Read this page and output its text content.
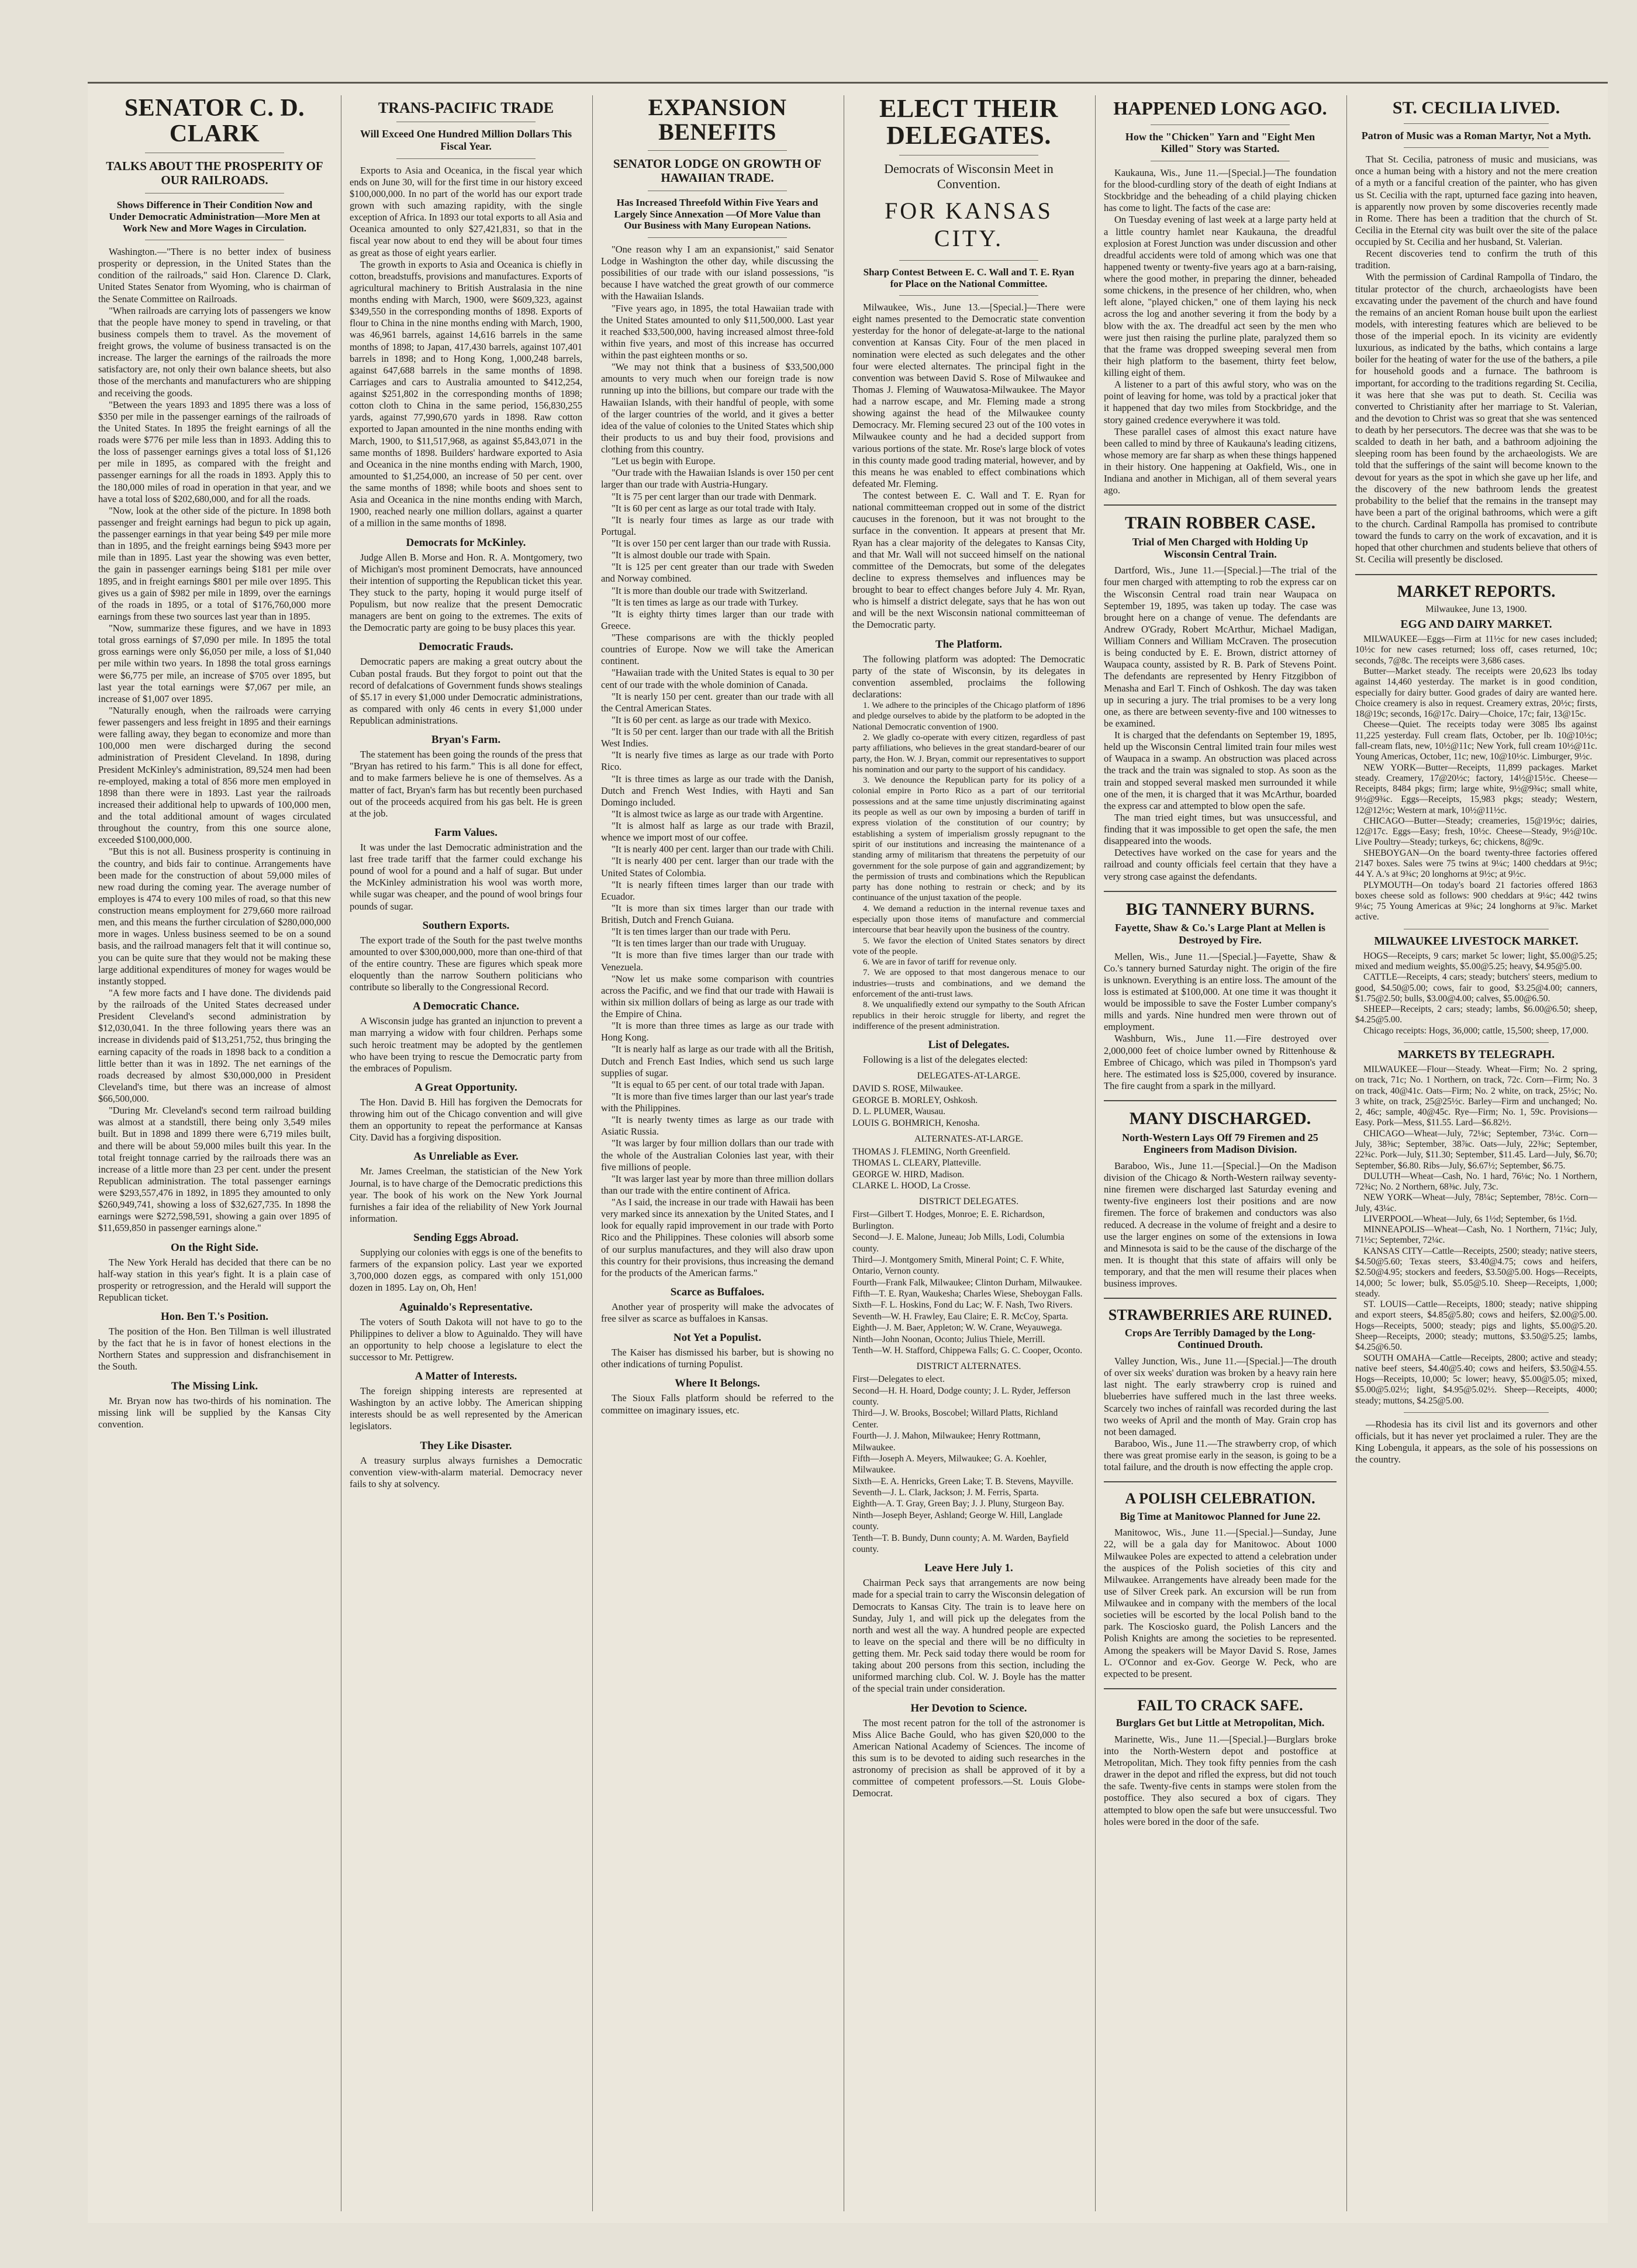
SENATOR C. D. CLARK
TALKS ABOUT THE PROSPERITY OF OUR RAILROADS.
Shows Difference in Their Condition Now and Under Democratic Administration—More Men at Work New and More Wages in Circulation.

Washington.—"There is no better index of business prosperity or depression, in the United States than the condition of the railroads," said Hon. Clarence D. Clark, United States Senator from Wyoming, who is chairman of the Senate Committee on Railroads.

"When railroads are carrying lots of passengers we know that the people have money to spend in traveling, or that business compels them to travel. As the movement of freight grows, the volume of business transacted is on the increase. The larger the earnings of the railroads the more satisfactory are, not only their own balance sheets, but also those of the merchants and manufacturers who are shipping and receiving the goods.

"Between the years 1893 and 1895 there was a loss of $350 per mile in the passenger earnings of the railroads of the United States. In 1895 the freight earnings of all the roads were $776 per mile less than in 1893. Adding this to the loss of passenger earnings gives a total loss of $1,126 per mile in 1895, as compared with the freight and passenger earnings for all the roads in 1893. Apply this to the 180,000 miles of road in operation in that year, and we have a total loss of $202,680,000, and for all the roads.

"Now, look at the other side of the picture. In 1898 both passenger and freight earnings had begun to pick up again, the passenger earnings in that year being $49 per mile more than in 1895, and the freight earnings being $943 more per mile than in 1895. Last year the showing was even better, the gain in passenger earnings being $181 per mile over 1895, and in freight earnings $801 per mile over 1895. This gives us a gain of $982 per mile in 1899, over the earnings of the roads in 1895, or a total of $176,760,000 more earnings from these two sources last year than in 1895.

"Now, summarize these figures, and we have in 1893 total gross earnings of $7,090 per mile. In 1895 the total gross earnings were only $6,050 per mile, a loss of $1,040 per mile within two years. In 1898 the total gross earnings were $6,775 per mile, an increase of $705 over 1895, but last year the total earnings were $7,067 per mile, an increase of $1,007 over 1895.

"Naturally enough, when the railroads were carrying fewer passengers and less freight in 1895 and their earnings were falling away, they began to economize and more than 100,000 men were discharged during the second administration of President Cleveland. In 1898, during President McKinley's administration, 89,524 men had been re-employed, making a total of 856 more men employed in 1898 than there were in 1893. Last year the railroads increased their additional help to upwards of 100,000 men, and the total additional amount of wages circulated throughout the country, from this one source alone, exceeded $100,000,000.

"But this is not all. Business prosperity is continuing in the country, and bids fair to continue. Arrangements have been made for the construction of about 59,000 miles of new road during the coming year. The average number of employes is 474 to every 100 miles of road, so that this new construction means employment for 279,660 more railroad men, and this means the further circulation of $280,000,000 more in wages. Unless business seemed to be on a sound basis, and the railroad managers felt that it will continue so, you can be quite sure that they would not be making these large additional expenditures of money for wages would be instantly stopped.

"A few more facts and I have done. The dividends paid by the railroads of the United States decreased under President Cleveland's second administration by $12,030,041. In the three following years there was an increase in dividends paid of $13,251,752, thus bringing the earning capacity of the roads in 1898 back to a condition a little better than it was in 1892. The net earnings of the roads decreased by almost $30,000,000 in President Cleveland's time, but there was an increase of almost $66,500,000.

"During Mr. Cleveland's second term railroad building was almost at a standstill, there being only 3,549 miles built. But in 1898 and 1899 there were 6,719 miles built, and there will be about 59,000 miles built this year. In the total freight tonnage carried by the railroads there was an increase of a little more than 23 per cent. under the present Republican administration. The total passenger earnings were $293,557,476 in 1892, in 1895 they amounted to only $260,949,741, showing a loss of $32,627,735. In 1898 the earnings were $272,598,591, showing a gain over 1895 of $11,659,850 in passenger earnings alone."

On the Right Side.

The New York Herald has decided that there can be no half-way station in this year's fight. It is a plain case of prosperity or retrogression, and the Herald will support the Republican ticket.

Hon. Ben T.'s Position.

The position of the Hon. Ben Tillman is well illustrated by the fact that he is in favor of honest elections in the Northern States and suppression and disfranchisement in the South.

The Missing Link.

Mr. Bryan now has two-thirds of his nomination. The missing link will be supplied by the Kansas City convention.

TRANS-PACIFIC TRADE
Will Exceed One Hundred Million Dollars This Fiscal Year.

Exports to Asia and Oceanica, in the fiscal year which ends on June 30, will for the first time in our history exceed $100,000,000. In no part of the world has our export trade grown with such amazing rapidity, with the single exception of Africa. In 1893 our total exports to all Asia and Oceanica amounted to only $27,421,831, so that in the fiscal year now about to end they will be about four times as great as those of eight years earlier.

The growth in exports to Asia and Oceanica is chiefly in cotton, breadstuffs, provisions and manufactures. Exports of agricultural machinery to British Australasia in the nine months ending with March, 1900, were $609,323, against $349,550 in the corresponding months of 1898. Exports of flour to China in the nine months ending with March, 1900, was 46,961 barrels, against 14,616 barrels in the same months of 1898; to Japan, 417,430 barrels, against 107,401 barrels in 1898; and to Hong Kong, 1,000,248 barrels, against 647,688 barrels in the same months of 1898. Carriages and cars to Australia amounted to $412,254, against $251,802 in the corresponding months of 1898; cotton cloth to China in the same period, 156,830,255 yards, against 77,990,670 yards in 1898. Raw cotton exported to Japan amounted in the nine months ending with March, 1900, to $11,517,968, as against $5,843,071 in the same months of 1898. Builders' hardware exported to Asia and Oceanica in the nine months ending with March, 1900, amounted to $1,254,000, an increase of 50 per cent. over the same months of 1898; while boots and shoes sent to Asia and Oceanica in the nine months ending with March, 1900, reached nearly one million dollars, against a quarter of a million in the same months of 1898.

Democrats for McKinley.

Judge Allen B. Morse and Hon. R. A. Montgomery, two of Michigan's most prominent Democrats, have announced their intention of supporting the Republican ticket this year. They stuck to the party, hoping it would purge itself of Populism, but now realize that the present Democratic managers are bent on going to the extremes. The exits of the Democratic party are going to be busy places this year.

Democratic Frauds.

Democratic papers are making a great outcry about the Cuban postal frauds. But they forgot to point out that the record of defalcations of Government funds shows stealings of $5.17 in every $1,000 under Democratic administrations, as compared with only 46 cents in every $1,000 under Republican administrations.

Bryan's Farm.

The statement has been going the rounds of the press that "Bryan has retired to his farm." This is all done for effect, and to make farmers believe he is one of themselves. As a matter of fact, Bryan's farm has but recently been purchased out of the proceeds acquired from his gas belt. He is green at the job.

Farm Values.

It was under the last Democratic administration and the last free trade tariff that the farmer could exchange his pound of wool for a pound and a half of sugar. But under the McKinley administration his wool was worth more, while sugar was cheaper, and the pound of wool brings four pounds of sugar.

Southern Exports.

The export trade of the South for the past twelve months amounted to over $300,000,000, more than one-third of that of the entire country. These are figures which speak more eloquently than the narrow Southern politicians who contribute so liberally to the Congressional Record.

A Democratic Chance.

A Wisconsin judge has granted an injunction to prevent a man marrying a widow with four children. Perhaps some such heroic treatment may be adopted by the gentlemen who have been trying to rescue the Democratic party from the embraces of Populism.

A Great Opportunity.

The Hon. David B. Hill has forgiven the Democrats for throwing him out of the Chicago convention and will give them an opportunity to repeat the performance at Kansas City. David has a forgiving disposition.

As Unreliable as Ever.

Mr. James Creelman, the statistician of the New York Journal, is to have charge of the Democratic predictions this year. The book of his work on the New York Journal furnishes a fair idea of the reliability of New York Journal information.

Sending Eggs Abroad.

Supplying our colonies with eggs is one of the benefits to farmers of the expansion policy. Last year we exported 3,700,000 dozen eggs, as compared with only 151,000 dozen in 1895. Lay on, Oh, Hen!

Aguinaldo's Representative.

The voters of South Dakota will not have to go to the Philippines to deliver a blow to Aguinaldo. They will have an opportunity to help choose a legislature to elect the successor to Mr. Pettigrew.

A Matter of Interests.

The foreign shipping interests are represented at Washington by an active lobby. The American shipping interests should be as well represented by the American legislators.

They Like Disaster.

A treasury surplus always furnishes a Democratic convention view-with-alarm material. Democracy never fails to shy at solvency.

EXPANSION BENEFITS
SENATOR LODGE ON GROWTH OF HAWAIIAN TRADE.
Has Increased Threefold Within Five Years and Largely Since Annexation —Of More Value than Our Business with Many European Nations.

"One reason why I am an expansionist," said Senator Lodge in Washington the other day, while discussing the possibilities of our trade with our island possessions, "is because I have watched the great growth of our commerce with the Hawaiian Islands.

"Five years ago, in 1895, the total Hawaiian trade with the United States amounted to only $11,500,000. Last year it reached $33,500,000, having increased almost three-fold within five years, and most of this increase has occurred within the past eighteen months or so.

"We may not think that a business of $33,500,000 amounts to very much when our foreign trade is now running up into the billions, but compare our trade with the Hawaiian Islands, with their handful of people, with some of the larger countries of the world, and it gives a better idea of the value of colonies to the United States which ship their products to us and buy their food, provisions and clothing from this country.

"Let us begin with Europe.

"Our trade with the Hawaiian Islands is over 150 per cent larger than our trade with Austria-Hungary.

"It is 75 per cent larger than our trade with Denmark.

"It is 60 per cent as large as our total trade with Italy.

"It is nearly four times as large as our trade with Portugal.

"It is over 150 per cent larger than our trade with Russia.

"It is almost double our trade with Spain.

"It is 125 per cent greater than our trade with Sweden and Norway combined.

"It is more than double our trade with Switzerland.

"It is ten times as large as our trade with Turkey.

"It is eighty thirty times larger than our trade with Greece.

"These comparisons are with the thickly peopled countries of Europe. Now we will take the American continent.

"Hawaiian trade with the United States is equal to 30 per cent of our trade with the whole dominion of Canada.

"It is nearly 150 per cent. greater than our trade with all the Central American States.

"It is 60 per cent. as large as our trade with Mexico.

"It is 50 per cent. larger than our trade with all the British West Indies.

"It is nearly five times as large as our trade with Porto Rico.

"It is three times as large as our trade with the Danish, Dutch and French West Indies, with Hayti and San Domingo included.

"It is almost twice as large as our trade with Argentine.

"It is almost half as large as our trade with Brazil, whence we import most of our coffee.

"It is nearly 400 per cent. larger than our trade with Chili.

"It is nearly 400 per cent. larger than our trade with the United States of Colombia.

"It is nearly fifteen times larger than our trade with Ecuador.

"It is more than six times larger than our trade with British, Dutch and French Guiana.

"It is ten times larger than our trade with Peru.

"It is ten times larger than our trade with Uruguay.

"It is more than five times larger than our trade with Venezuela.

"Now let us make some comparison with countries across the Pacific, and we find that our trade with Hawaii is within six million dollars of being as large as our trade with the Empire of China.

"It is more than three times as large as our trade with Hong Kong.

"It is nearly half as large as our trade with all the British, Dutch and French East Indies, which send us such large supplies of sugar.

"It is equal to 65 per cent. of our total trade with Japan.

"It is more than five times larger than our last year's trade with the Philippines.

"It is nearly twenty times as large as our trade with Asiatic Russia.

"It was larger by four million dollars than our trade with the whole of the Australian Colonies last year, with their five millions of people.

"It was larger last year by more than three million dollars than our trade with the entire continent of Africa.

"As I said, the increase in our trade with Hawaii has been very marked since its annexation by the United States, and I look for equally rapid improvement in our trade with Porto Rico and the Philippines. These colonies will absorb some of our surplus manufactures, and they will also draw upon this country for their provisions, thus increasing the demand for the products of the American farms."

Scarce as Buffaloes.

Another year of prosperity will make the advocates of free silver as scarce as buffaloes in Kansas.

Not Yet a Populist.

The Kaiser has dismissed his barber, but is showing no other indications of turning Populist.

Where It Belongs.

The Sioux Falls platform should be referred to the committee on imaginary issues, etc.

ELECT THEIR DELEGATES.
Democrats of Wisconsin Meet in Convention.
FOR KANSAS CITY.
Sharp Contest Between E. C. Wall and T. E. Ryan for Place on the National Committee.

Milwaukee, Wis., June 13.—[Special.]—There were eight names presented to the Democratic state convention yesterday for the honor of delegate-at-large to the national convention at Kansas City. Four of the men placed in nomination were elected as such delegates and the other four were elected alternates. The principal fight in the convention was between David S. Rose of Milwaukee and Thomas J. Fleming of Wauwatosa-Milwaukee. The Mayor had a narrow escape, and Mr. Fleming made a strong showing against the head of the Milwaukee county Democracy. Mr. Fleming secured 23 out of the 100 votes in Milwaukee county and he had a decided support from various portions of the state. Mr. Rose's large block of votes in this county made good trading material, however, and by this means he was enabled to effect combinations which defeated Mr. Fleming.

The contest between E. C. Wall and T. E. Ryan for national committeeman cropped out in some of the district caucuses in the forenoon, but it was not brought to the surface in the convention. It appears at present that Mr. Ryan has a clear majority of the delegates to Kansas City, and that Mr. Wall will not succeed himself on the national committee of the Democrats, but some of the delegates decline to express themselves and influences may be brought to bear to effect changes before July 4. Mr. Ryan, who is himself a district delegate, says that he has won out and will be the next Wisconsin national committeeman of the Democratic party.

The Platform.

The following platform was adopted: The Democratic party of the state of Wisconsin, by its delegates in convention assembled, proclaims the following declarations:

1. We adhere to the principles of the Chicago platform of 1896 and pledge ourselves to abide by the platform to be adopted in the National Democratic convention of 1900.

2. We gladly co-operate with every citizen, regardless of past party affiliations, who believes in the great standard-bearer of our party, the Hon. W. J. Bryan, commit our representatives to support his nomination and our party to the support of his candidacy.

3. We denounce the Republican party for its policy of a colonial empire in Porto Rico as a part of our territorial possessions and at the same time unjustly discriminating against its people as well as our own by imposing a burden of tariff in express violation of the constitution of our country; by establishing a system of imperialism grossly repugnant to the spirit of our institutions and increasing the maintenance of a standing army of militarism that threatens the perpetuity of our government for the sole purpose of gain and aggrandizement; by the permission of trusts and combinations which the Republican party has done nothing to restrain or check; and by its continuance of the unjust taxation of the people.

4. We demand a reduction in the internal revenue taxes and especially upon those items of manufacture and commercial intercourse that bear heavily upon the business of the country.

5. We favor the election of United States senators by direct vote of the people.

6. We are in favor of tariff for revenue only.

7. We are opposed to that most dangerous menace to our industries—trusts and combinations, and we demand the enforcement of the anti-trust laws.

8. We unqualifiedly extend our sympathy to the South African republics in their heroic struggle for liberty, and regret the indifference of the present administration.

List of Delegates.

Following is a list of the delegates elected:

DELEGATES-AT-LARGE.
DAVID S. ROSE, Milwaukee.
GEORGE B. MORLEY, Oshkosh.
D. L. PLUMER, Wausau.
LOUIS G. BOHMRICH, Kenosha.
ALTERNATES-AT-LARGE.
THOMAS J. FLEMING, North Greenfield.
THOMAS L. CLEARY, Platteville.
GEORGE W. HIRD, Madison.
CLARKE L. HOOD, La Crosse.
DISTRICT DELEGATES.
First—Gilbert T. Hodges, Monroe; E. E. Richardson, Burlington.
Second—J. E. Malone, Juneau; Job Mills, Lodi, Columbia county.
Third—J. Montgomery Smith, Mineral Point; C. F. White, Ontario, Vernon county.
Fourth—Frank Falk, Milwaukee; Clinton Durham, Milwaukee.
Fifth—T. E. Ryan, Waukesha; Charles Wiese, Sheboygan Falls.
Sixth—F. L. Hoskins, Fond du Lac; W. F. Nash, Two Rivers.
Seventh—W. H. Frawley, Eau Claire; E. R. McCoy, Sparta.
Eighth—J. M. Baer, Appleton; W. W. Crane, Weyauwega.
Ninth—John Noonan, Oconto; Julius Thiele, Merrill.
Tenth—W. H. Stafford, Chippewa Falls; G. C. Cooper, Oconto.
DISTRICT ALTERNATES.
First—Delegates to elect.
Second—H. H. Hoard, Dodge county; J. L. Ryder, Jefferson county.
Third—J. W. Brooks, Boscobel; Willard Platts, Richland Center.
Fourth—J. J. Mahon, Milwaukee; Henry Rottmann, Milwaukee.
Fifth—Joseph A. Meyers, Milwaukee; G. A. Koehler, Milwaukee.
Sixth—E. A. Henricks, Green Lake; T. B. Stevens, Mayville.
Seventh—J. L. Clark, Jackson; J. M. Ferris, Sparta.
Eighth—A. T. Gray, Green Bay; J. J. Pluny, Sturgeon Bay.
Ninth—Joseph Beyer, Ashland; George W. Hill, Langlade county.
Tenth—T. B. Bundy, Dunn county; A. M. Warden, Bayfield county.
Leave Here July 1.

Chairman Peck says that arrangements are now being made for a special train to carry the Wisconsin delegation of Democrats to Kansas City. The train is to leave here on Sunday, July 1, and will pick up the delegates from the north and west all the way. A hundred people are expected to leave on the special and there will be no difficulty in getting them. Mr. Peck said today there would be room for taking about 200 persons from this section, including the uniformed marching club. Col. W. J. Boyle has the matter of the special train under consideration.

Her Devotion to Science.

The most recent patron for the toll of the astronomer is Miss Alice Bache Gould, who has given $20,000 to the American National Academy of Sciences. The income of this sum is to be devoted to aiding such researches in the astronomy of precision as shall be approved of it by a committee of competent professors.—St. Louis Globe-Democrat.

HAPPENED LONG AGO.
How the "Chicken" Yarn and "Eight Men Killed" Story was Started.

Kaukauna, Wis., June 11.—[Special.]—The foundation for the blood-curdling story of the death of eight Indians at Stockbridge and the beheading of a child playing chicken has come to light. The facts of the case are:

On Tuesday evening of last week at a large party held at a little country hamlet near Kaukauna, the dreadful explosion at Forest Junction was under discussion and other dreadful accidents were told of among which was one that happened twenty or twenty-five years ago at a barn-raising, where the good mother, in preparing the dinner, beheaded some chickens, in the presence of her children, who, when left alone, "played chicken," one of them laying his neck across the log and another severing it from the body by a blow with the ax. The dreadful act seen by the men who were just then raising the purline plate, paralyzed them so that the frame was dropped sweeping several men from their high platform to the basement, thirty feet below, killing eight of them.

A listener to a part of this awful story, who was on the point of leaving for home, was told by a practical joker that it happened that day two miles from Stockbridge, and the story gained credence everywhere it was told.

These parallel cases of almost this exact nature have been called to mind by three of Kaukauna's leading citizens, whose memory are far sharp as when these things happened in their history. One happening at Oakfield, Wis., one in Indiana and another in Michigan, all of them several years ago.

TRAIN ROBBER CASE.
Trial of Men Charged with Holding Up Wisconsin Central Train.

Dartford, Wis., June 11.—[Special.]—The trial of the four men charged with attempting to rob the express car on the Wisconsin Central road train near Waupaca on September 19, 1895, was taken up today. The case was brought here on a change of venue. The defendants are Andrew O'Grady, Robert McArthur, Michael Madigan, William Conners and William McCraven. The prosecution is being conducted by E. E. Brown, district attorney of Waupaca county, assisted by R. B. Park of Stevens Point. The defendants are represented by Henry Fitzgibbon of Menasha and Earl T. Finch of Oshkosh. The day was taken up in securing a jury. The trial promises to be a very long one, as there are between seventy-five and 100 witnesses to be examined.

It is charged that the defendants on September 19, 1895, held up the Wisconsin Central limited train four miles west of Waupaca in a swamp. An obstruction was placed across the track and the train was signaled to stop. As soon as the train and stopped several masked men surrounded it while one of the men, it is charged that it was McArthur, boarded the express car and attempted to blow open the safe.

The man tried eight times, but was unsuccessful, and finding that it was impossible to get open the safe, the men disappeared into the woods.

Detectives have worked on the case for years and the railroad and county officials feel certain that they have a very strong case against the defendants.

BIG TANNERY BURNS.
Fayette, Shaw & Co.'s Large Plant at Mellen is Destroyed by Fire.

Mellen, Wis., June 11.—[Special.]—Fayette, Shaw & Co.'s tannery burned Saturday night. The origin of the fire is unknown. Everything is an entire loss. The amount of the loss is estimated at $100,000. At one time it was thought it would be impossible to save the Foster Lumber company's mills and yards. Nine hundred men were thrown out of employment.

Washburn, Wis., June 11.—Fire destroyed over 2,000,000 feet of choice lumber owned by Rittenhouse & Embree of Chicago, which was piled in Thompson's yard here. The estimated loss is $25,000, covered by insurance. The fire caught from a spark in the millyard.

MANY DISCHARGED.
North-Western Lays Off 79 Firemen and 25 Engineers from Madison Division.

Baraboo, Wis., June 11.—[Special.]—On the Madison division of the Chicago & North-Western railway seventy-nine firemen were discharged last Saturday evening and twenty-five engineers lost their positions and are now firemen. The force of brakemen and conductors was also reduced. A decrease in the volume of freight and a desire to use the larger engines on some of the extensions in Iowa and Minnesota is said to be the cause of the discharge of the men. It is thought that this state of affairs will only be temporary, and that the men will resume their places when business improves.

STRAWBERRIES ARE RUINED.
Crops Are Terribly Damaged by the Long-Continued Drouth.

Valley Junction, Wis., June 11.—[Special.]—The drouth of over six weeks' duration was broken by a heavy rain here last night. The early strawberry crop is ruined and blueberries have suffered much in the last three weeks. Scarcely two inches of rainfall was recorded during the last two weeks of April and the month of May. Grain crop has not been damaged.

Baraboo, Wis., June 11.—The strawberry crop, of which there was great promise early in the season, is going to be a total failure, and the drouth is now effecting the apple crop.

A POLISH CELEBRATION.
Big Time at Manitowoc Planned for June 22.

Manitowoc, Wis., June 11.—[Special.]—Sunday, June 22, will be a gala day for Manitowoc. About 1000 Milwaukee Poles are expected to attend a celebration under the auspices of the Polish societies of this city and Milwaukee. Arrangements have already been made for the use of Silver Creek park. An excursion will be run from Milwaukee and in company with the members of the local societies will be escorted by the local Polish band to the park. The Kosciosko guard, the Polish Lancers and the Polish Knights are among the societies to be represented. Among the speakers will be Mayor David S. Rose, James L. O'Connor and ex-Gov. George W. Peck, who are expected to be present.

FAIL TO CRACK SAFE.
Burglars Get but Little at Metropolitan, Mich.

Marinette, Wis., June 11.—[Special.]—Burglars broke into the North-Western depot and postoffice at Metropolitan, Mich. They took fifty pennies from the cash drawer in the depot and rifled the express, but did not touch the safe. Twenty-five cents in stamps were stolen from the postoffice. They also secured a box of cigars. They attempted to blow open the safe but were unsuccessful. Two holes were bored in the door of the safe.

ST. CECILIA LIVED.
Patron of Music was a Roman Martyr, Not a Myth.

That St. Cecilia, patroness of music and musicians, was once a human being with a history and not the mere creation of a myth or a fanciful creation of the painter, who has given us St. Cecilia with the rapt, upturned face gazing into heaven, is apparently now proven by some discoveries recently made in Rome. There has been a tradition that the church of St. Cecilia in the Eternal city was built over the site of the palace occupied by St. Cecilia and her husband, St. Valerian.

Recent discoveries tend to confirm the truth of this tradition.

With the permission of Cardinal Rampolla of Tindaro, the titular protector of the church, archaeologists have been excavating under the pavement of the church and have found the remains of an ancient Roman house built upon the earliest models, with interesting features which are believed to be those of the imperial epoch. In its vicinity are evidently luxurious, as indicated by the baths, which contains a large boiler for the heating of water for the use of the bathers, a pile for household goods and a furnace. The bathroom is important, for according to the traditions regarding St. Cecilia, it was here that she was put to death. St. Cecilia was converted to Christianity after her marriage to St. Valerian, and the devotion to Christ was so great that she was sentenced to death by her persecutors. The decree was that she was to be scalded to death in her bath, and a bathroom adjoining the sleeping room has been found by the archaeologists. We are told that the sufferings of the saint will become known to the devout for years as the spot in which she gave up her life, and the discovery of the new bathroom lends the greatest probability to the belief that the remains in the transept may have been a part of the original bathrooms, which were a gift to the church. Cardinal Rampolla has promised to contribute toward the funds to carry on the work of excavation, and it is hoped that other churchmen and students believe that others of St. Cecilia will presently be disclosed.

MARKET REPORTS.
Milwaukee, June 13, 1900.
EGG AND DAIRY MARKET.

MILWAUKEE—Eggs—Firm at 11½c for new cases included; 10½c for new cases returned; loss off, cases returned, 10c; seconds, 7@8c. The receipts were 3,686 cases.

Butter—Market steady. The receipts were 20,623 lbs today against 14,460 yesterday. The market is in good condition, especially for dairy butter. Good grades of dairy are wanted here. Choice creamery is also in request. Creamery extras, 20½c; firsts, 18@19c; seconds, 16@17c. Dairy—Choice, 17c; fair, 13@15c.

Cheese—Quiet. The receipts today were 3085 lbs against 11,225 yesterday. Full cream flats, October, per lb. 10@10½c; fall-cream flats, new, 10½@11c; New York, full cream 10½@11c. Young Americas, October, 11c; new, 10@10½c. Limburger, 9½c.

NEW YORK—Butter—Receipts, 11,899 packages. Market steady. Creamery, 17@20½c; factory, 14½@15½c. Cheese—Receipts, 8484 pkgs; firm; large white, 9½@9¾c; small white, 9½@9¾c. Eggs—Receipts, 15,983 pkgs; steady; Western, 12@12½c; Western at mark, 10½@11½c.

CHICAGO—Butter—Steady; creameries, 15@19½c; dairies, 12@17c. Eggs—Easy; fresh, 10½c. Cheese—Steady, 9½@10c. Live Poultry—Steady; turkeys, 6c; chickens, 8@9c.

SHEBOYGAN—On the board twenty-three factories offered 2147 boxes. Sales were 75 twins at 9¼c; 1400 cheddars at 9½c; 44 Y. A.'s at 9¾c; 20 longhorns at 9½c; at 9½c.

PLYMOUTH—On today's board 21 factories offered 1863 boxes cheese sold as follows: 900 cheddars at 9¼c; 442 twins 9¼c; 75 Young Americas at 9¾c; 24 longhorns at 9⅞c. Market active.

MILWAUKEE LIVESTOCK MARKET.

HOGS—Receipts, 9 cars; market 5c lower; light, $5.00@5.25; mixed and medium weights, $5.00@5.25; heavy, $4.95@5.00.

CATTLE—Receipts, 4 cars; steady; butchers' steers, medium to good, $4.50@5.00; cows, fair to good, $3.25@4.00; canners, $1.75@2.50; bulls, $3.00@4.00; calves, $5.00@6.50.

SHEEP—Receipts, 2 cars; steady; lambs, $6.00@6.50; sheep, $4.25@5.00.

Chicago receipts: Hogs, 36,000; cattle, 15,500; sheep, 17,000.

MARKETS BY TELEGRAPH.

MILWAUKEE—Flour—Steady. Wheat—Firm; No. 2 spring, on track, 71c; No. 1 Northern, on track, 72c. Corn—Firm; No. 3 on track, 40@41c. Oats—Firm; No. 2 white, on track, 25½c; No. 3 white, on track, 25@25½c. Barley—Firm and unchanged; No. 2, 46c; sample, 40@45c. Rye—Firm; No. 1, 59c. Provisions—Easy. Pork—Mess, $11.55. Lard—$6.82½.

CHICAGO—Wheat—July, 72⅛c; September, 73¼c. Corn—July, 38⅜c; September, 38⅞c. Oats—July, 22⅜c; September, 22¾c. Pork—July, $11.30; September, $11.45. Lard—July, $6.70; September, $6.80. Ribs—July, $6.67½; September, $6.75.

DULUTH—Wheat—Cash, No. 1 hard, 76⅛c; No. 1 Northern, 72¾c; No. 2 Northern, 68⅜c. July, 73c.

NEW YORK—Wheat—July, 78¼c; September, 78½c. Corn—July, 43¼c.

LIVERPOOL—Wheat—July, 6s 1½d; September, 6s 1½d.

MINNEAPOLIS—Wheat—Cash, No. 1 Northern, 71¼c; July, 71½c; September, 72¼c.

KANSAS CITY—Cattle—Receipts, 2500; steady; native steers, $4.50@5.60; Texas steers, $3.40@4.75; cows and heifers, $2.50@4.95; stockers and feeders, $3.50@5.00. Hogs—Receipts, 14,000; 5c lower; bulk, $5.05@5.10. Sheep—Receipts, 1,000; steady.

ST. LOUIS—Cattle—Receipts, 1800; steady; native shipping and export steers, $4.85@5.80; cows and heifers, $2.00@5.00. Hogs—Receipts, 5000; steady; pigs and lights, $5.00@5.20. Sheep—Receipts, 2000; steady; muttons, $3.50@5.25; lambs, $4.25@6.50.

SOUTH OMAHA—Cattle—Receipts, 2800; active and steady; native beef steers, $4.40@5.40; cows and heifers, $3.50@4.55. Hogs—Receipts, 10,000; 5c lower; heavy, $5.00@5.05; mixed, $5.00@5.02½; light, $4.95@5.02½. Sheep—Receipts, 4000; steady; muttons, $4.25@5.00.

—Rhodesia has its civil list and its governors and other officials, but it has never yet proclaimed a ruler. They are the King Lobengula, it appears, as the sole of his possessions on the country.
